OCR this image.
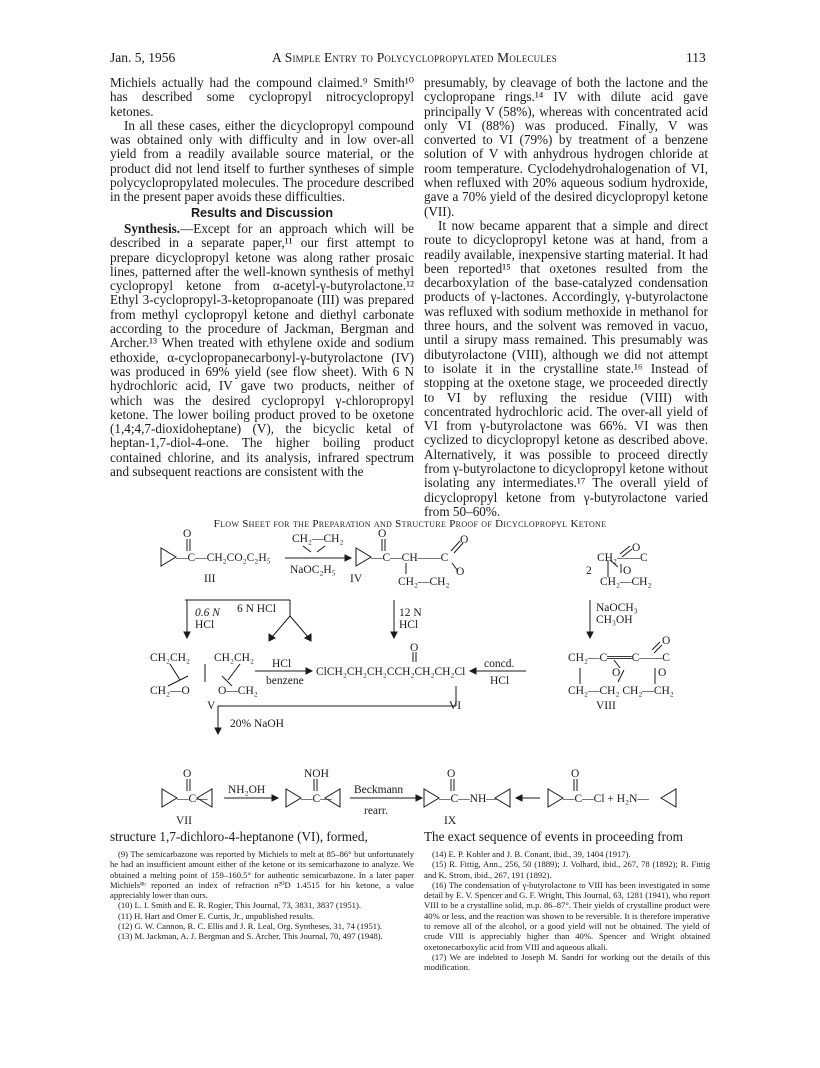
Jan. 5, 1956	A Simple Entry to Polycyclopropylated Molecules	113

Michiels actually had the compound claimed.⁹ Smith¹⁰ has described some cyclopropyl nitrocyclopropyl ketones.

In all these cases, either the dicyclopropyl compound was obtained only with difficulty and in low over-all yield from a readily available source material, or the product did not lend itself to further syntheses of simple polycyclopropylated molecules. The procedure described in the present paper avoids these difficulties.

Results and Discussion

Synthesis.—Except for an approach which will be described in a separate paper,¹¹ our first attempt to prepare dicyclopropyl ketone was along rather prosaic lines, patterned after the well-known synthesis of methyl cyclopropyl ketone from α-acetyl-γ-butyrolactone.¹² Ethyl 3-cyclopropyl-3-ketopropanoate (III) was prepared from methyl cyclopropyl ketone and diethyl carbonate according to the procedure of Jackman, Bergman and Archer.¹³ When treated with ethylene oxide and sodium ethoxide, α-cyclopropanecarbonyl-γ-butyrolactone (IV) was produced in 69% yield (see flow sheet). With 6 N hydrochloric acid, IV gave two products, neither of which was the desired cyclopropyl γ-chloropropyl ketone. The lower boiling product proved to be oxetone (1,4;4,7-dioxidoheptane) (V), the bicyclic ketal of heptan-1,7-diol-4-one. The higher boiling product contained chlorine, and its analysis, infrared spectrum and subsequent reactions are consistent with the

presumably, by cleavage of both the lactone and the cyclopropane rings.¹⁴ IV with dilute acid gave principally V (58%), whereas with concentrated acid only VI (88%) was produced. Finally, V was converted to VI (79%) by treatment of a benzene solution of V with anhydrous hydrogen chloride at room temperature. Cyclodehydrohalogenation of VI, when refluxed with 20% aqueous sodium hydroxide, gave a 70% yield of the desired dicyclopropyl ketone (VII).

It now became apparent that a simple and direct route to dicyclopropyl ketone was at hand, from a readily available, inexpensive starting material. It had been reported¹⁵ that oxetones resulted from the decarboxylation of the base-catalyzed condensation products of γ-lactones. Accordingly, γ-butyrolactone was refluxed with sodium methoxide in methanol for three hours, and the solvent was removed in vacuo, until a sirupy mass remained. This presumably was dibutyrolactone (VIII), although we did not attempt to isolate it in the crystalline state.¹⁶ Instead of stopping at the oxetone stage, we proceeded directly to VI by refluxing the residue (VIII) with concentrated hydrochloric acid. The over-all yield of VI from γ-butyrolactone was 66%. VI was then cyclized to dicyclopropyl ketone as described above. Alternatively, it was possible to proceed directly from γ-butyrolactone to dicyclopropyl ketone without isolating any intermediates.¹⁷ The overall yield of dicyclopropyl ketone from γ-butyrolactone varied from 50–60%.

Flow Sheet for the Preparation and Structure Proof of Dicyclopropyl Ketone
O
—C—CH₂CO₂C₂H₅
III
CH₂—CH₂
NaOC₂H₅
O
—C—CH——C
CH₂—CH₂
O
O
IV
CH₂——C
CH₂—CH₂
O
O
2
0.6 N
HCl
6 N HCl	12 N
HCl
NaOCH₃
CH₃OH
CH₂CH₂ CH₂CH₂
CH₂—O O—CH₂
V
HCl
benzene
O
ClCH₂CH₂CH₂CCH₂CH₂CH₂Cl
VI
concd.
HCl
CH₂—C═══C——C
CH₂—CH₂ CH₂—CH₂
O
O	O
VIII
20% NaOH
O
—C—
VII
NH₂OH
NOH
—C—
Beckmann
rearr.
O
—C—NH—
IX
O
—C—Cl + H₂N—
structure 1,7-dichloro-4-heptanone (VI), formed,	The exact sequence of events in proceeding from

(9) The semicarbazone was reported by Michiels to melt at 85–86° but unfortunately he had an insufficient amount either of the ketone or its semicarbazone to analyze. We obtained a melting point of 159–160.5° for authentic semicarbazone. In a later paper Michiels⁸ᵇ reported an index of refraction n²⁰D 1.4515 for his ketone, a value appreciably lower than ours.

(10) L. I. Smith and E. R. Rogier, This Journal, 73, 3831, 3837 (1951).

(11) H. Hart and Omer E. Curtis, Jr., unpublished results.

(12) G. W. Cannon, R. C. Ellis and J. R. Leal, Org. Syntheses, 31, 74 (1951).

(13) M. Jackman, A. J. Bergman and S. Archer, This Journal, 70, 497 (1948).

(14) E. P. Kohler and J. B. Conant, ibid., 39, 1404 (1917).

(15) R. Fittig, Ann., 256, 50 (1889); J. Volhard, ibid., 267, 78 (1892); R. Fittig and K. Strom, ibid., 267, 191 (1892).

(16) The condensation of γ-butyrolactone to VIII has been investigated in some detail by E. V. Spencer and G. F. Wright, This Journal, 63, 1281 (1941), who report VIII to be a crystalline solid, m.p. 86–87°. Their yields of crystalline product were 40% or less, and the reaction was shown to be reversible. It is therefore imperative to remove all of the alcohol, or a good yield will not be obtained. The yield of crude VIII is appreciably higher than 40%. Spencer and Wright obtained oxetonecarboxylic acid from VIII and aqueous alkali.

(17) We are indebted to Joseph M. Sandri for working out the details of this modification.
